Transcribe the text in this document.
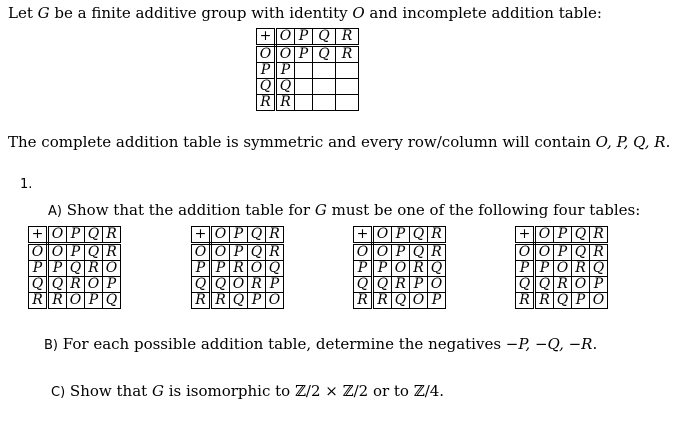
Let G be a finite additive group with identity O and incomplete addition table:
+	O	P	Q	R
O	O	P	Q	R
P	P			
Q	Q			
R	R			
The complete addition table is symmetric and every row/column will contain O, P, Q, R.
1.
A) Show that the addition table for G must be one of the following four tables:
+	O	P	Q	R
O	O	P	Q	R
P	P	Q	R	O
Q	Q	R	O	P
R	R	O	P	Q
+	O	P	Q	R
O	O	P	Q	R
P	P	R	O	Q
Q	Q	O	R	P
R	R	Q	P	O
+	O	P	Q	R
O	O	P	Q	R
P	P	O	R	Q
Q	Q	R	P	O
R	R	Q	O	P
+	O	P	Q	R
O	O	P	Q	R
P	P	O	R	Q
Q	Q	R	O	P
R	R	Q	P	O
B) For each possible addition table, determine the negatives −P, −Q, −R.
C) Show that G is isomorphic to ℤ/2 × ℤ/2 or to ℤ/4.
